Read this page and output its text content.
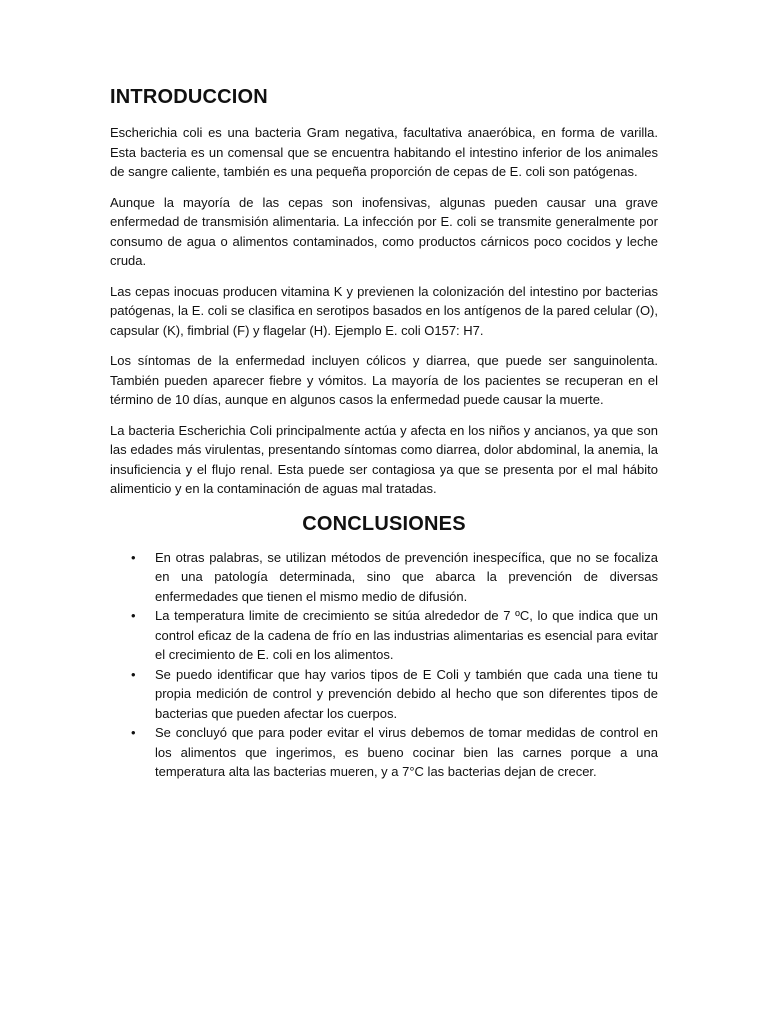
INTRODUCCION

Escherichia coli es una bacteria Gram negativa, facultativa anaeróbica, en forma de varilla. Esta bacteria es un comensal que se encuentra habitando el intestino inferior de los animales de sangre caliente, también es una pequeña proporción de cepas de E. coli son patógenas.

Aunque la mayoría de las cepas son inofensivas, algunas pueden causar una grave enfermedad de transmisión alimentaria. La infección por E. coli se transmite generalmente por consumo de agua o alimentos contaminados, como productos cárnicos poco cocidos y leche cruda.

Las cepas inocuas producen vitamina K y previenen la colonización del intestino por bacterias patógenas, la E. coli se clasifica en serotipos basados en los antígenos de la pared celular (O), capsular (K), fimbrial (F) y flagelar (H). Ejemplo E. coli O157: H7.

Los síntomas de la enfermedad incluyen cólicos y diarrea, que puede ser sanguinolenta. También pueden aparecer fiebre y vómitos. La mayoría de los pacientes se recuperan en el término de 10 días, aunque en algunos casos la enfermedad puede causar la muerte.

La bacteria Escherichia Coli principalmente actúa y afecta en los niños y ancianos, ya que son las edades más virulentas, presentando síntomas como diarrea, dolor abdominal, la anemia, la insuficiencia y el flujo renal. Esta puede ser contagiosa ya que se presenta por el mal hábito alimenticio y en la contaminación de aguas mal tratadas.

CONCLUSIONES
• En otras palabras, se utilizan métodos de prevención inespecífica, que no se focaliza en una patología determinada, sino que abarca la prevención de diversas enfermedades que tienen el mismo medio de difusión.
• La temperatura limite de crecimiento se sitúa alrededor de 7 ºC, lo que indica que un control eficaz de la cadena de frío en las industrias alimentarias es esencial para evitar el crecimiento de E. coli en los alimentos.
• Se puedo identificar que hay varios tipos de E Coli y también que cada una tiene tu propia medición de control y prevención debido al hecho que son diferentes tipos de bacterias que pueden afectar los cuerpos.
• Se concluyó que para poder evitar el virus debemos de tomar medidas de control en los alimentos que ingerimos, es bueno cocinar bien las carnes porque a una temperatura alta las bacterias mueren, y a 7°C las bacterias dejan de crecer.
